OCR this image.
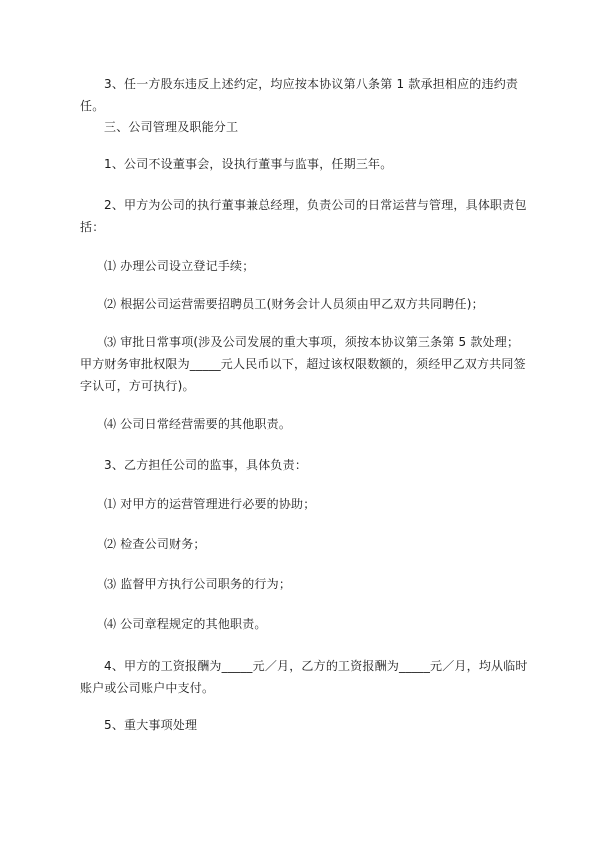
3、任一方股东违反上述约定，均应按本协议第八条第 1 款承担相应的违约责任。

三、公司管理及职能分工

1、公司不设董事会，设执行董事与监事，任期三年。

2、甲方为公司的执行董事兼总经理，负责公司的日常运营与管理，具体职责包括：

⑴ 办理公司设立登记手续；

⑵ 根据公司运营需要招聘员工(财务会计人员须由甲乙双方共同聘任)；

⑶ 审批日常事项(涉及公司发展的重大事项，须按本协议第三条第 5 款处理；甲方财务审批权限为_____元人民币以下，超过该权限数额的，须经甲乙双方共同签字认可，方可执行)。

⑷ 公司日常经营需要的其他职责。

3、乙方担任公司的监事，具体负责：

⑴ 对甲方的运营管理进行必要的协助；

⑵ 检查公司财务；

⑶ 监督甲方执行公司职务的行为；

⑷ 公司章程规定的其他职责。

4、甲方的工资报酬为_____元／月，乙方的工资报酬为_____元／月，均从临时账户或公司账户中支付。

5、重大事项处理
